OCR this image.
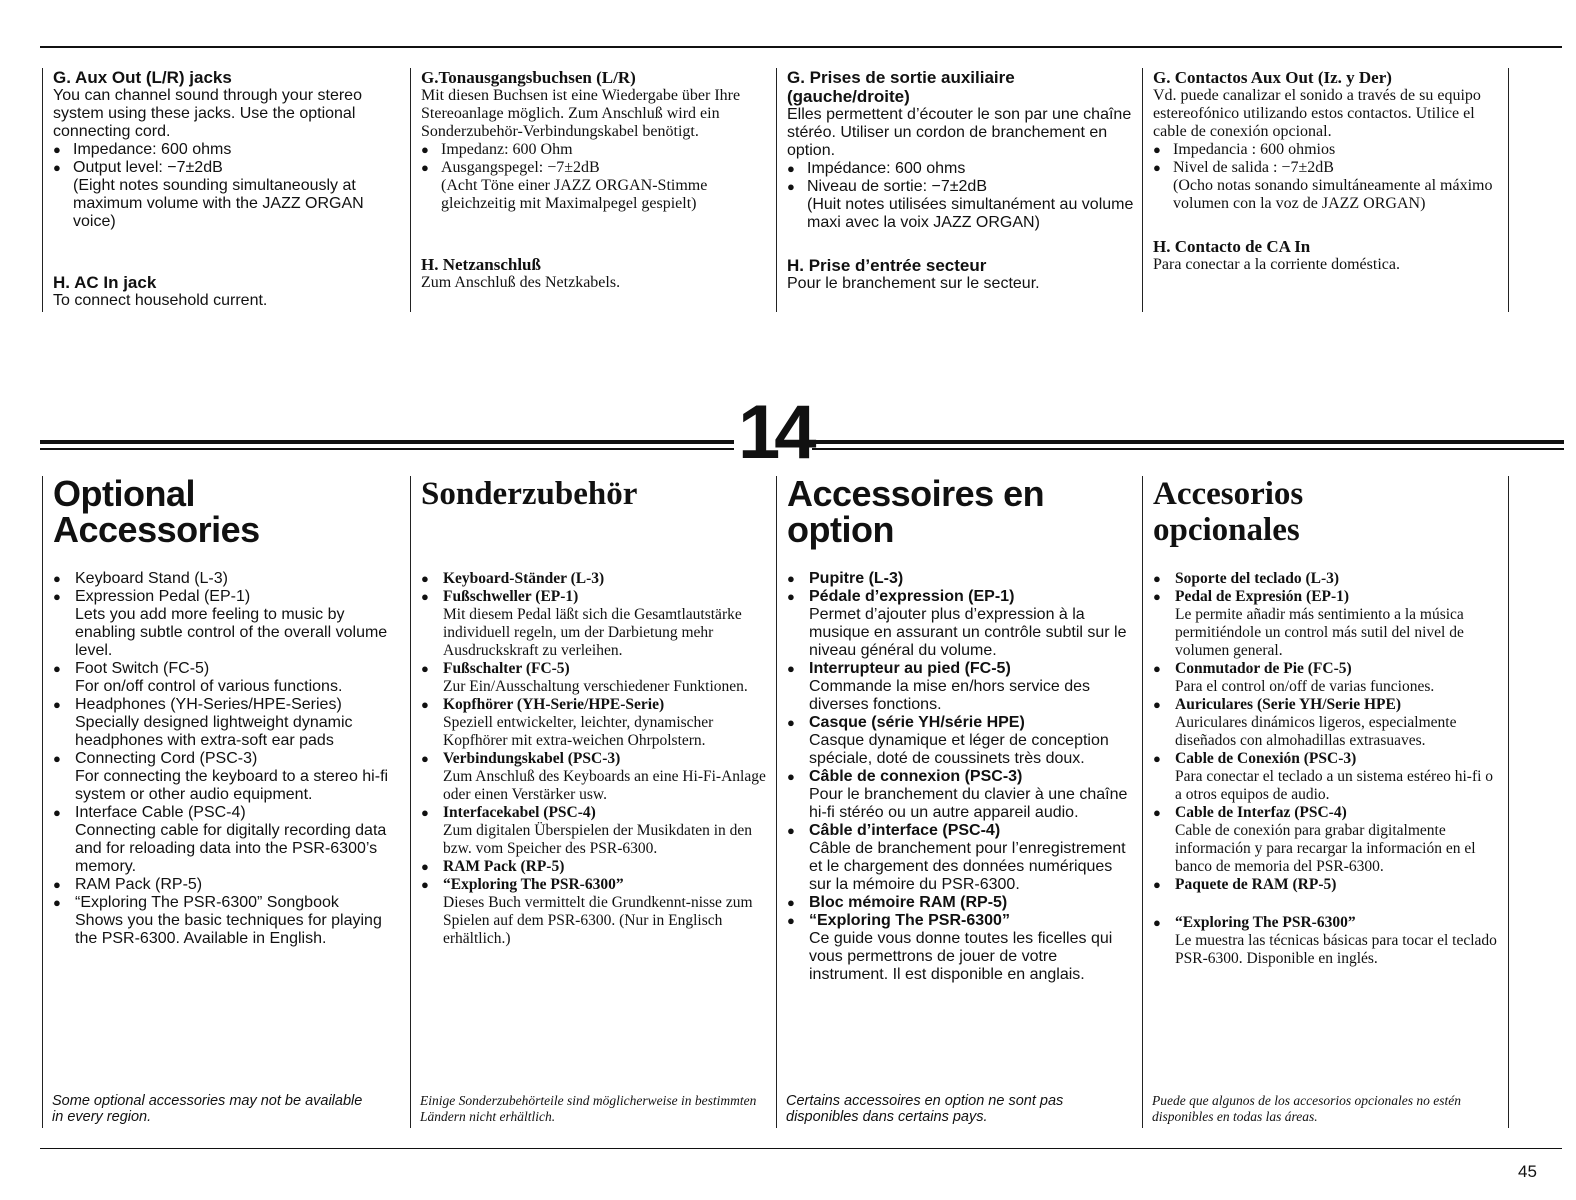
G. Aux Out (L/R) jacks
You can channel sound through your stereo system using these jacks. Use the optional connecting cord.
● Impedance: 600 ohms
● Output level: −7±2dB
(Eight notes sounding simultaneously at maximum volume with the JAZZ ORGAN voice)
H. AC In jack
To connect household current.
G.Tonausgangsbuchsen (L/R)
Mit diesen Buchsen ist eine Wiedergabe über Ihre Stereoanlage möglich. Zum Anschluß wird ein Sonderzubehör-Verbindungskabel benötigt.
● Impedanz: 600 Ohm
● Ausgangspegel: −7±2dB
(Acht Töne einer JAZZ ORGAN-Stimme gleichzeitig mit Maximalpegel gespielt)
H. Netzanschluß
Zum Anschluß des Netzkabels.
G. Prises de sortie auxiliaire (gauche/droite)
Elles permettent d’écouter le son par une chaîne stéréo. Utiliser un cordon de branchement en option.
● Impédance: 600 ohms
● Niveau de sortie: −7±2dB
(Huit notes utilisées simultanément au volume maxi avec la voix JAZZ ORGAN)
H. Prise d’entrée secteur
Pour le branchement sur le secteur.
G. Contactos Aux Out (Iz. y Der)
Vd. puede canalizar el sonido a través de su equipo estereofónico utilizando estos contactos. Utilice el cable de conexión opcional.
● Impedancia : 600 ohmios
● Nivel de salida : −7±2dB
(Ocho notas sonando simultáneamente al máximo volumen con la voz de JAZZ ORGAN)
H. Contacto de CA In
Para conectar a la corriente doméstica.
14
Optional Accessories
● Keyboard Stand (L-3)
● Expression Pedal (EP-1)
Lets you add more feeling to music by enabling subtle control of the overall volume level.
● Foot Switch (FC-5)
For on/off control of various functions.
● Headphones (YH-Series/HPE-Series)
Specially designed lightweight dynamic headphones with extra-soft ear pads
● Connecting Cord (PSC-3)
For connecting the keyboard to a stereo hi-fi system or other audio equipment.
● Interface Cable (PSC-4)
Connecting cable for digitally recording data and for reloading data into the PSR-6300’s memory.
● RAM Pack (RP-5)
● “Exploring The PSR-6300” Songbook
Shows you the basic techniques for playing the PSR-6300. Available in English.
Some optional accessories may not be available in every region.
Sonderzubehör
● Keyboard-Ständer (L-3)
● Fußschweller (EP-1)
Mit diesem Pedal läßt sich die Gesamtlautstärke individuell regeln, um der Darbietung mehr Ausdruckskraft zu verleihen.
● Fußschalter (FC-5)
Zur Ein/Ausschaltung verschiedener Funktionen.
● Kopfhörer (YH-Serie/HPE-Serie)
Speziell entwickelter, leichter, dynamischer Kopfhörer mit extra-weichen Ohrpolstern.
● Verbindungskabel (PSC-3)
Zum Anschluß des Keyboards an eine Hi-Fi-Anlage oder einen Verstärker usw.
● Interfacekabel (PSC-4)
Zum digitalen Überspielen der Musikdaten in den bzw. vom Speicher des PSR-6300.
● RAM Pack (RP-5)
● “Exploring The PSR-6300”
Dieses Buch vermittelt die Grundkennt-nisse zum Spielen auf dem PSR-6300. (Nur in Englisch erhältlich.)
Einige Sonderzubehörteile sind möglicherweise in bestimmten Ländern nicht erhältlich.
Accessoires en option
● Pupitre (L-3)
● Pédale d’expression (EP-1)
Permet d’ajouter plus d’expression à la musique en assurant un contrôle subtil sur le niveau général du volume.
● Interrupteur au pied (FC-5)
Commande la mise en/hors service des diverses fonctions.
● Casque (série YH/série HPE)
Casque dynamique et léger de conception spéciale, doté de coussinets très doux.
● Câble de connexion (PSC-3)
Pour le branchement du clavier à une chaîne hi-fi stéréo ou un autre appareil audio.
● Câble d’interface (PSC-4)
Câble de branchement pour l’enregistrement et le chargement des données numériques sur la mémoire du PSR-6300.
● Bloc mémoire RAM (RP-5)
● “Exploring The PSR-6300”
Ce guide vous donne toutes les ficelles qui vous permettrons de jouer de votre instrument. Il est disponible en anglais.
Certains accessoires en option ne sont pas disponibles dans certains pays.
Accesorios opcionales
● Soporte del teclado (L-3)
● Pedal de Expresión (EP-1)
Le permite añadir más sentimiento a la música permitiéndole un control más sutil del nivel de volumen general.
● Conmutador de Pie (FC-5)
Para el control on/off de varias funciones.
● Auriculares (Serie YH/Serie HPE)
Auriculares dinámicos ligeros, especialmente diseñados con almohadillas extrasuaves.
● Cable de Conexión (PSC-3)
Para conectar el teclado a un sistema estéreo hi-fi o a otros equipos de audio.
● Cable de Interfaz (PSC-4)
Cable de conexión para grabar digitalmente información y para recargar la información en el banco de memoria del PSR-6300.
● Paquete de RAM (RP-5)
● “Exploring The PSR-6300”
Le muestra las técnicas básicas para tocar el teclado PSR-6300. Disponible en inglés.
Puede que algunos de los accesorios opcionales no estén disponibles en todas las áreas.
45
